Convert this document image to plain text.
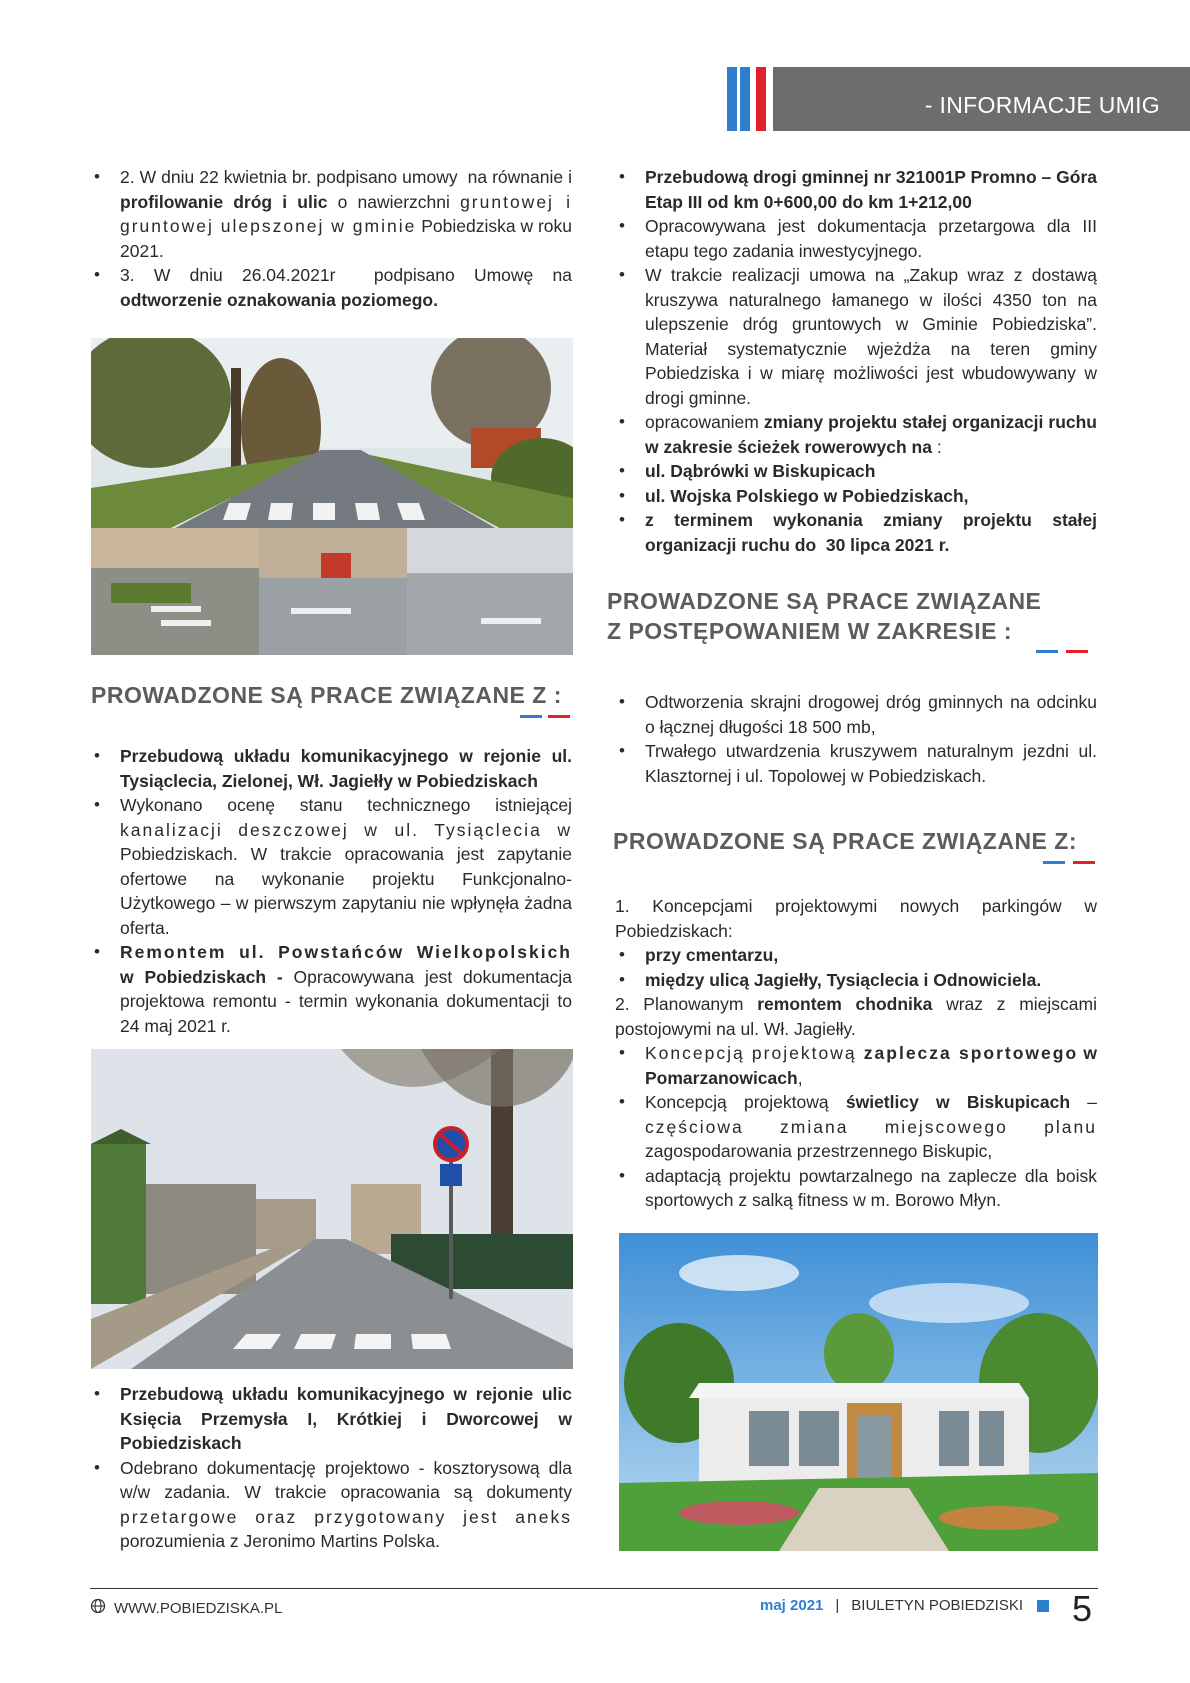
- INFORMACJE UMIG
• 2. W dniu 22 kwietnia br. podpisano umowy  na równanie i profilowanie dróg i ulic o nawierzchni gruntowej i gruntowej ulepszonej w gminie Pobiedziska w roku 2021.
• 3. W dniu 26.04.2021r  podpisano Umowę na odtworzenie oznakowania poziomego.
PROWADZONE SĄ PRACE ZWIĄZANE Z :
• Przebudową układu komunikacyjnego w rejonie ul. Tysiąclecia, Zielonej, Wł. Jagiełły w Pobiedziskach
• Wykonano ocenę stanu technicznego istniejącej kanalizacji deszczowej w ul. Tysiąclecia w Pobiedziskach. W trakcie opracowania jest zapytanie ofertowe na wykonanie projektu Funkcjonalno-Użytkowego – w pierwszym zapytaniu nie wpłynęła żadna oferta.
• Remontem ul. Powstańców Wielkopolskich w Pobiedziskach - Opracowywana jest dokumentacja projektowa remontu - termin wykonania dokumentacji to 24 maj 2021 r.
• Przebudową układu komunikacyjnego w rejonie ulic Księcia Przemysła I, Krótkiej i Dworcowej w Pobiedziskach
• Odebrano dokumentację projektowo - kosztorysową dla w/w zadania. W trakcie opracowania są dokumenty przetargowe oraz przygotowany jest aneks porozumienia z Jeronimo Martins Polska.
• Przebudową drogi gminnej nr 321001P Promno – Góra Etap III od km 0+600,00 do km 1+212,00
• Opracowywana jest dokumentacja przetargowa dla III etapu tego zadania inwestycyjnego.
• W trakcie realizacji umowa na „Zakup wraz z dostawą kruszywa naturalnego łamanego w ilości 4350 ton na ulepszenie dróg gruntowych w Gminie Pobiedziska”. Materiał systematycznie wjeżdża na teren gminy Pobiedziska i w miarę możliwości jest wbudowywany w drogi gminne.
• opracowaniem zmiany projektu stałej organizacji ruchu w zakresie ścieżek rowerowych na :
• ul. Dąbrówki w Biskupicach
• ul. Wojska Polskiego w Pobiedziskach,
• z terminem wykonania zmiany projektu stałej organizacji ruchu do  30 lipca 2021 r.
PROWADZONE SĄ PRACE ZWIĄZANE
Z POSTĘPOWANIEM W ZAKRESIE :
• Odtworzenia skrajni drogowej dróg gminnych na odcinku o łącznej długości 18 500 mb,
• Trwałego utwardzenia kruszywem naturalnym jezdni ul. Klasztornej i ul. Topolowej w Pobiedziskach.
PROWADZONE SĄ PRACE ZWIĄZANE Z:
1. Koncepcjami projektowymi nowych parkingów w Pobiedziskach:
• przy cmentarzu,
• między ulicą Jagiełły, Tysiąclecia i Odnowiciela.
2. Planowanym remontem chodnika wraz z miejscami postojowymi na ul. Wł. Jagiełły.
• Koncepcją projektową zaplecza sportowego w Pomarzanowicach,
• Koncepcją projektową świetlicy w Biskupicach – częściowa zmiana miejscowego planu zagospodarowania przestrzennego Biskupic,
• adaptacją projektu powtarzalnego na zaplecze dla boisk sportowych z salką fitness w m. Borowo Młyn.
WWW.POBIEDZISKA.PL	maj 2021 | BIULETYN POBIEDZISKI 5
